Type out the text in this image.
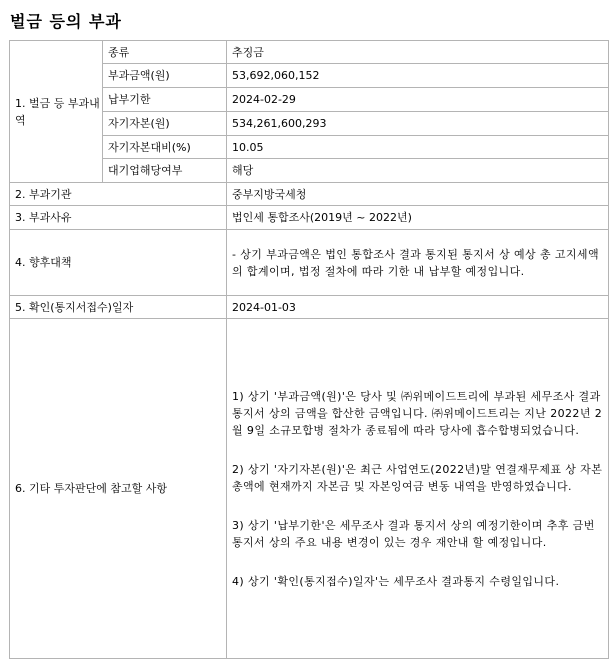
벌금 등의 부과
1. 벌금 등 부과내역	종류	추징금
	부과금액(원)	53,692,060,152
	납부기한	2024-02-29
	자기자본(원)	534,261,600,293
	자기자본대비(%)	10.05
	대기업해당여부	해당
2. 부과기관		중부지방국세청
3. 부과사유		법인세 통합조사(2019년 ~ 2022년)
4. 향후대책		- 상기 부과금액은 법인 통합조사 결과 통지된 통지서 상 예상 총 고지세액의 합계이며, 법정 절차에 따라 기한 내 납부할 예정입니다.
5. 확인(통지서접수)일자		2024-01-03
6. 기타 투자판단에 참고할 사항		1) 상기 '부과금액(원)'은 당사 및 ㈜위메이드트리에 부과된 세무조사 결과 통지서 상의 금액을 합산한 금액입니다. ㈜위메이드트리는 지난 2022년 2월 9일 소규모합병 절차가 종료됨에 따라 당사에 흡수합병되었습니다.
2) 상기 '자기자본(원)'은 최근 사업연도(2022년)말 연결재무제표 상 자본총액에 현재까지 자본금 및 자본잉여금 변동 내역을 반영하였습니다.
3) 상기 '납부기한'은 세무조사 결과 통지서 상의 예정기한이며 추후 금번 통지서 상의 주요 내용 변경이 있는 경우 재안내 할 예정입니다.
4) 상기 '확인(통지접수)일자'는 세무조사 결과통지 수령일입니다.
